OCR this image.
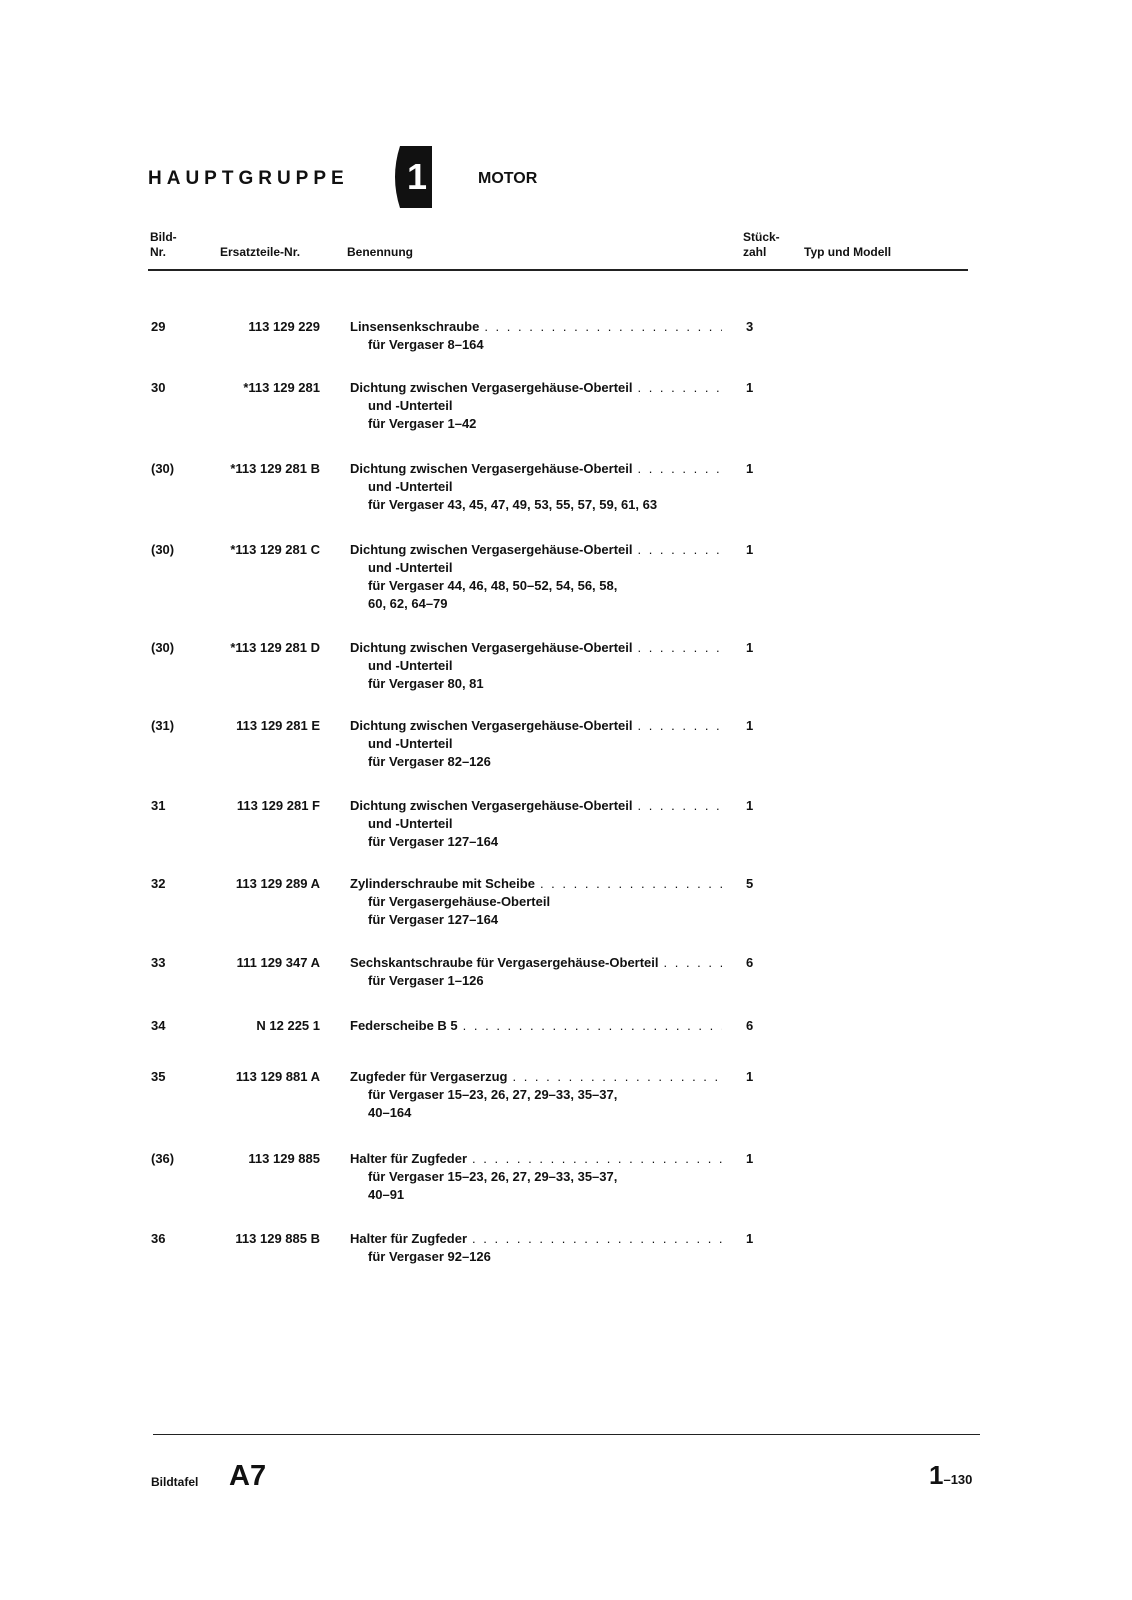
HAUPTGRUPPE 1	MOTOR
Bild-
Nr.	Ersatzteile-Nr.	Benennung
Stück-
zahl	Typ und Modell
29	113 129 229 Linsensenkschraube
. . .
für Vergaser 8–164
3
30	*113 129 281 Dichtung zwischen Vergasergehäuse-Oberteil
. . .
und -Unterteil
für Vergaser 1–42
1
(30)	*113 129 281 B Dichtung zwischen Vergasergehäuse-Oberteil
. . .
und -Unterteil
für Vergaser 43, 45, 47, 49, 53, 55, 57, 59, 61, 63
1
(30)	*113 129 281 C Dichtung zwischen Vergasergehäuse-Oberteil
. . .
und -Unterteil
für Vergaser 44, 46, 48, 50–52, 54, 56, 58,
60, 62, 64–79
1
(30)	*113 129 281 D Dichtung zwischen Vergasergehäuse-Oberteil
. . .
und -Unterteil
für Vergaser 80, 81
1
(31)	113 129 281 E Dichtung zwischen Vergasergehäuse-Oberteil
. . .
und -Unterteil
für Vergaser 82–126
1
31	113 129 281 F Dichtung zwischen Vergasergehäuse-Oberteil
. . .
und -Unterteil
für Vergaser 127–164
1
32	113 129 289 A Zylinderschraube mit Scheibe
. . .
für Vergasergehäuse-Oberteil
für Vergaser 127–164
5
33	111 129 347 A Sechskantschraube für Vergasergehäuse-Oberteil
. . .
für Vergaser 1–126
6
34	N 12 225 1 Federscheibe B 5
. . .	6
35	113 129 881 A Zugfeder für Vergaserzug
. . .
für Vergaser 15–23, 26, 27, 29–33, 35–37,
40–164
1
(36)	113 129 885 Halter für Zugfeder
. . .
für Vergaser 15–23, 26, 27, 29–33, 35–37,
40–91
1
36	113 129 885 B Halter für Zugfeder
. . .
für Vergaser 92–126
1
Bildtafel A7	1–130
